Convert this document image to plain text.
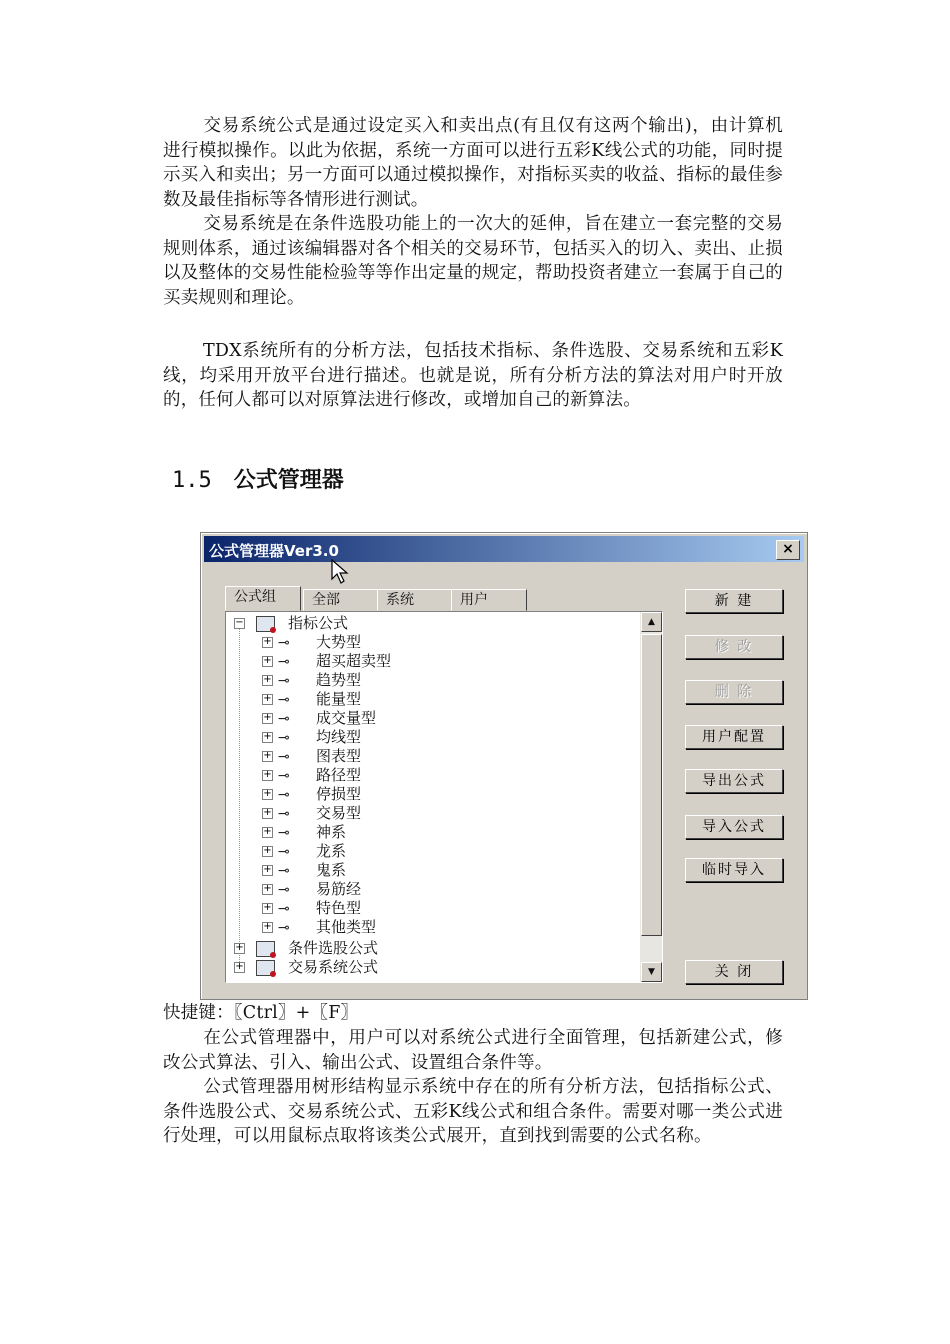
交易系统公式是通过设定买入和卖出点(有且仅有这两个输出)，由计算机进行模拟操作。以此为依据，系统一方面可以进行五彩K线公式的功能，同时提示买入和卖出；另一方面可以通过模拟操作，对指标买卖的收益、指标的最佳参数及最佳指标等各情形进行测试。

交易系统是在条件选股功能上的一次大的延伸，旨在建立一套完整的交易规则体系，通过该编辑器对各个相关的交易环节，包括买入的切入、卖出、止损以及整体的交易性能检验等等作出定量的规定，帮助投资者建立一套属于自己的买卖规则和理论。

TDX系统所有的分析方法，包括技术指标、条件选股、交易系统和五彩K线，均采用开放平台进行描述。也就是说，所有分析方法的算法对用户时开放的，任何人都可以对原算法进行修改，或增加自己的新算法。

1.5 公式管理器
公式管理器Ver3.0	×
公式组	全部	系统	用户
−	指标公式
+ ⊸ 大势型
+ ⊸ 超买超卖型
+ ⊸ 趋势型
+ ⊸ 能量型
+ ⊸ 成交量型
+ ⊸ 均线型
+ ⊸ 图表型
+ ⊸ 路径型
+ ⊸ 停损型
+ ⊸ 交易型
+ ⊸ 神系
+ ⊸ 龙系
+ ⊸ 鬼系
+ ⊸ 易筋经
+ ⊸ 特色型
+ ⊸ 其他类型
+	条件选股公式
+	交易系统公式
▲
▼
新 建
修 改
删 除
用户配置
导出公式
导入公式
临时导入
关 闭

快捷键：〖Ctrl〗+〖F〗

在公式管理器中，用户可以对系统公式进行全面管理，包括新建公式，修改公式算法、引入、输出公式、设置组合条件等。

公式管理器用树形结构显示系统中存在的所有分析方法，包括指标公式、条件选股公式、交易系统公式、五彩K线公式和组合条件。需要对哪一类公式进行处理，可以用鼠标点取将该类公式展开，直到找到需要的公式名称。
